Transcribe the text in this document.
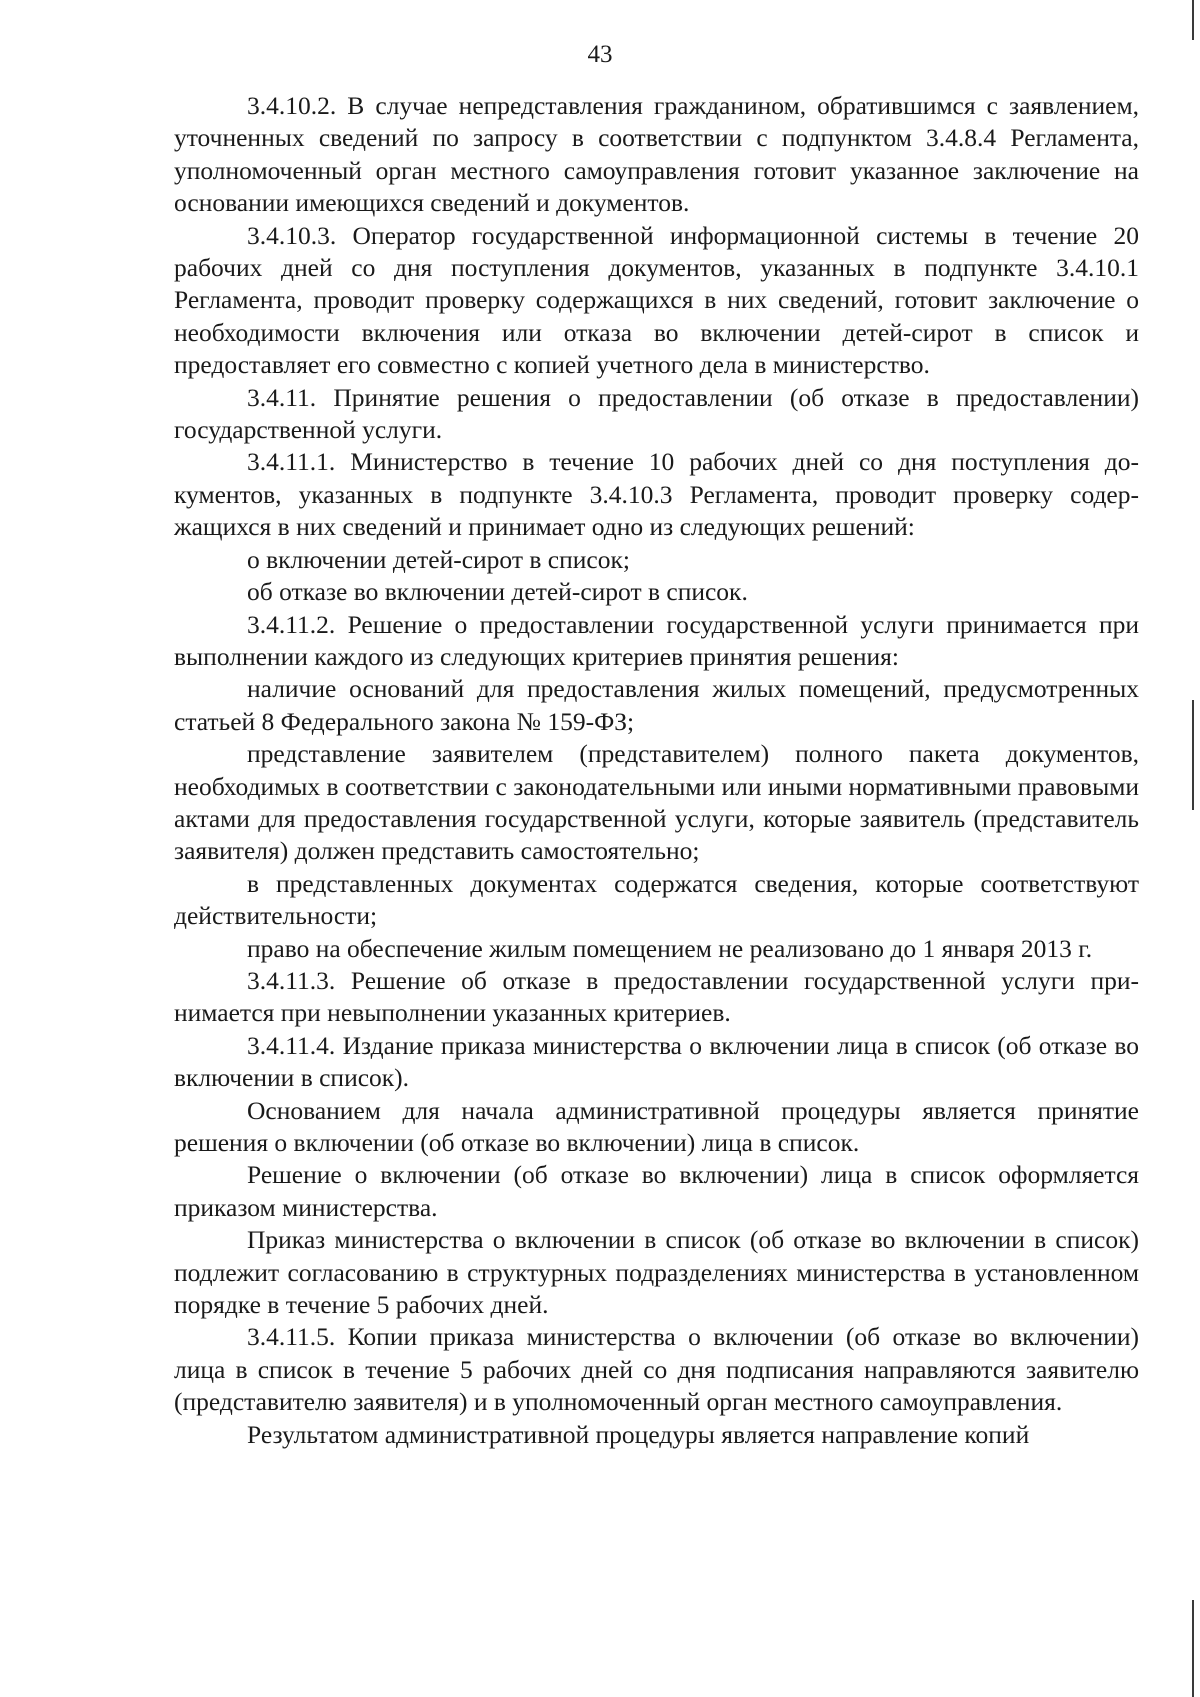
43

3.4.10.2. В случае непредставления гражданином, обратившимся с заявлением, уточненных сведений по запросу в соответствии с подпунктом 3.4.8.4 Регламента, уполномоченный орган местного самоуправления готовит указанное заключение на основании имеющихся сведений и документов.

3.4.10.3. Оператор государственной информационной системы в течение 20 рабочих дней со дня поступления документов, указанных в подпункте 3.4.10.1 Регламента, проводит проверку содержащихся в них сведений, готовит заключение о необходимости включения или отказа во включении детей-сирот в список и предоставляет его совместно с копией учетного дела в министерство.

3.4.11. Принятие решения о предоставлении (об отказе в предоставлении) государственной услуги.

3.4.11.1. Министерство в течение 10 рабочих дней со дня поступления документов, указанных в подпункте 3.4.10.3 Регламента, проводит проверку содержащихся в них сведений и принимает одно из следующих решений:

о включении детей-сирот в список;

об отказе во включении детей-сирот в список.

3.4.11.2. Решение о предоставлении государственной услуги принимается при выполнении каждого из следующих критериев принятия решения:

наличие оснований для предоставления жилых помещений, предусмотренных статьей 8 Федерального закона № 159-ФЗ;

представление заявителем (представителем) полного пакета документов, необходимых в соответствии с законодательными или иными нормативными правовыми актами для предоставления государственной услуги, которые заявитель (представитель заявителя) должен представить самостоятельно;

в представленных документах содержатся сведения, которые соответствуют действительности;

право на обеспечение жилым помещением не реализовано до 1 января 2013 г.

3.4.11.3. Решение об отказе в предоставлении государственной услуги принимается при невыполнении указанных критериев.

3.4.11.4. Издание приказа министерства о включении лица в список (об отказе во включении в список).

Основанием для начала административной процедуры является принятие решения о включении (об отказе во включении) лица в список.

Решение о включении (об отказе во включении) лица в список оформляется приказом министерства.

Приказ министерства о включении в список (об отказе во включении в список) подлежит согласованию в структурных подразделениях министерства в установленном порядке в течение 5 рабочих дней.

3.4.11.5. Копии приказа министерства о включении (об отказе во включении) лица в список в течение 5 рабочих дней со дня подписания направляются заявителю (представителю заявителя) и в уполномоченный орган местного самоуправления.

Результатом административной процедуры является направление копий
